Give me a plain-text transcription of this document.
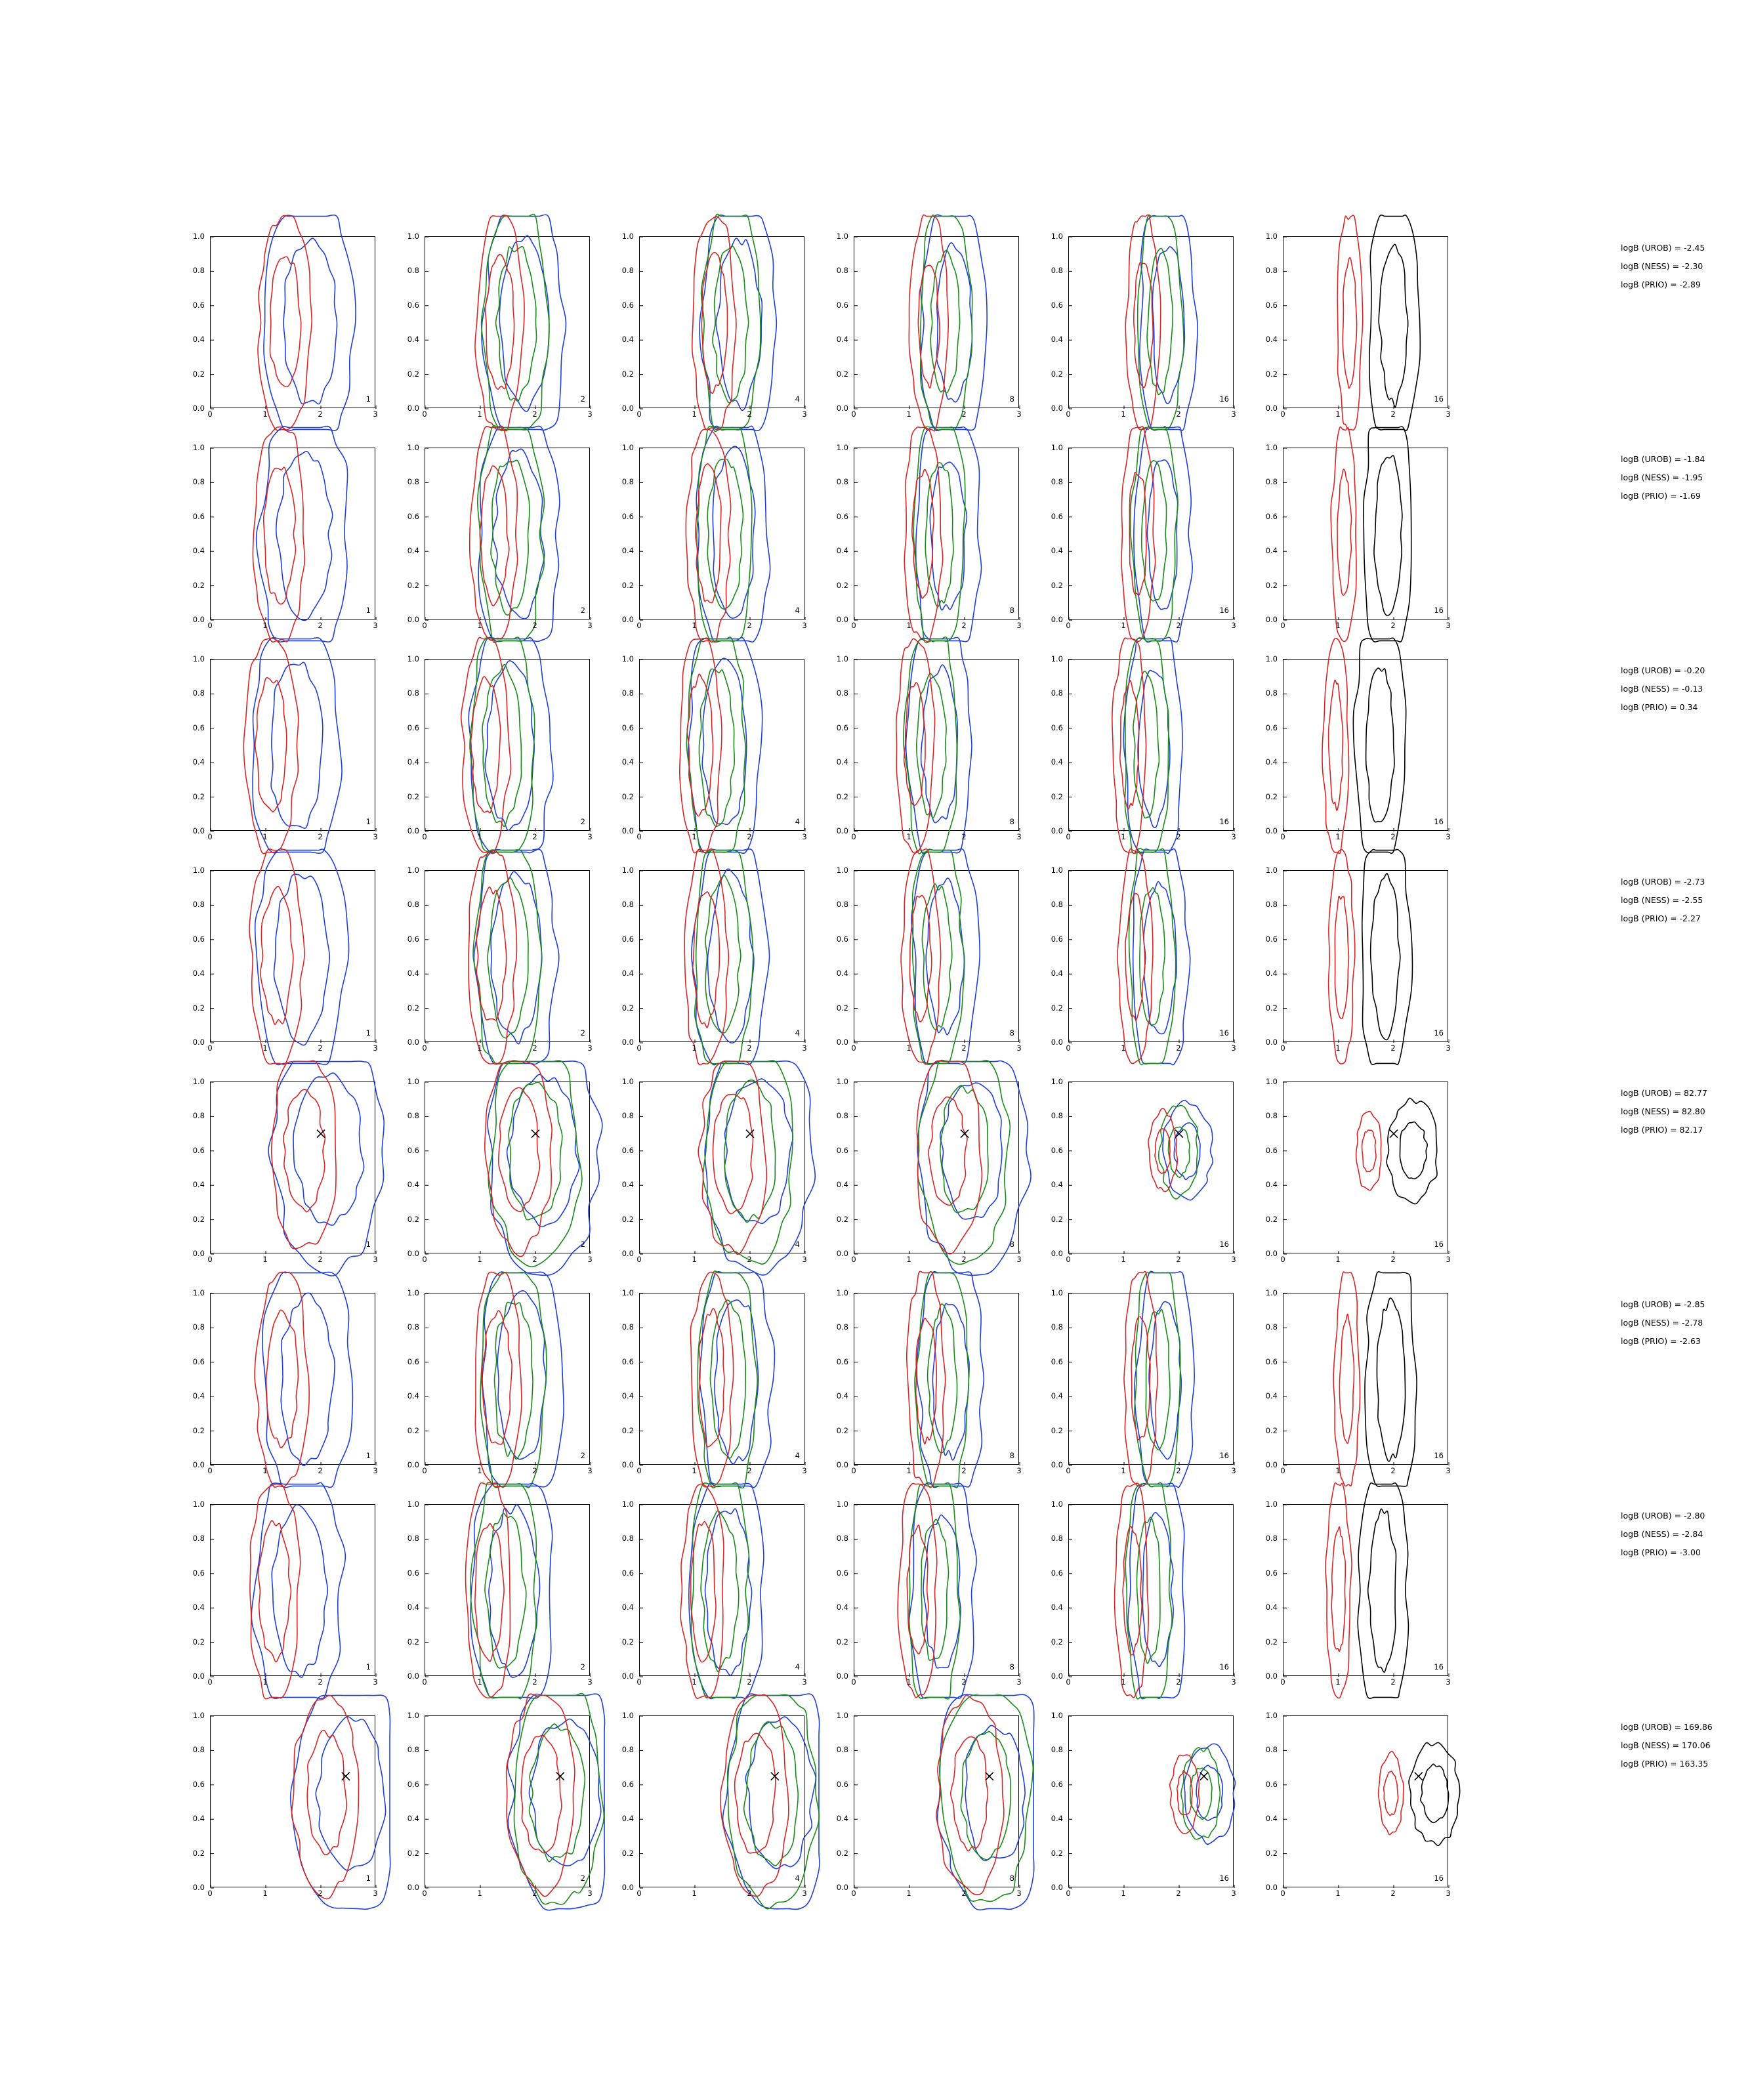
0.0
0.2
0.4
0.6
0.8
1.0
1
0	1	2	3
0.0
0.2
0.4
0.6
0.8
1.0
2
0	1	2	3
0.0
0.2
0.4
0.6
0.8
1.0
4
0	1	2	3
0.0
0.2
0.4
0.6
0.8
1.0
8
0	1	2	3
0.0
0.2
0.4
0.6
0.8
1.0
16
0	1	2	3
0.0
0.2
0.4
0.6
0.8
1.0
16
0	1	2	3
logB (UROB) = -2.45
logB (NESS) = -2.30
logB (PRIO) = -2.89
0.0
0.2
0.4
0.6
0.8
1.0
1
0	1	2	3
0.0
0.2
0.4
0.6
0.8
1.0
2
0	1	2	3
0.0
0.2
0.4
0.6
0.8
1.0
4
0	1	2	3
0.0
0.2
0.4
0.6
0.8
1.0
8
0	1	2	3
0.0
0.2
0.4
0.6
0.8
1.0
16
0	1	2	3
0.0
0.2
0.4
0.6
0.8
1.0
16
0	1	2	3
logB (UROB) = -1.84
logB (NESS) = -1.95
logB (PRIO) = -1.69
0.0
0.2
0.4
0.6
0.8
1.0
1
0	1	2	3
0.0
0.2
0.4
0.6
0.8
1.0
2
0	1	2	3
0.0
0.2
0.4
0.6
0.8
1.0
4
0	1	2	3
0.0
0.2
0.4
0.6
0.8
1.0
8
0	1	2	3
0.0
0.2
0.4
0.6
0.8
1.0
16
0	1	2	3
0.0
0.2
0.4
0.6
0.8
1.0
16
0	1	2	3
logB (UROB) = -0.20
logB (NESS) = -0.13
logB (PRIO) = 0.34
0.0
0.2
0.4
0.6
0.8
1.0
1
0	1	2	3
0.0
0.2
0.4
0.6
0.8
1.0
2
0	1	2	3
0.0
0.2
0.4
0.6
0.8
1.0
4
0	1	2	3
0.0
0.2
0.4
0.6
0.8
1.0
8
0	1	2	3
0.0
0.2
0.4
0.6
0.8
1.0
16
0	1	2	3
0.0
0.2
0.4
0.6
0.8
1.0
16
0	1	2	3
logB (UROB) = -2.73
logB (NESS) = -2.55
logB (PRIO) = -2.27
0.0
0.2
0.4
0.6
0.8
1.0
1
0	1	2	3
0.0
0.2
0.4
0.6
0.8
1.0
2
0	1	2	3
0.0
0.2
0.4
0.6
0.8
1.0
4
0	1	2	3
0.0
0.2
0.4
0.6
0.8
1.0
8
0	1	2	3
0.0
0.2
0.4
0.6
0.8
1.0
16
0	1	2	3
0.0
0.2
0.4
0.6
0.8
1.0
16
0	1	2	3
logB (UROB) = 82.77
logB (NESS) = 82.80
logB (PRIO) = 82.17
0.0
0.2
0.4
0.6
0.8
1.0
1
0	1	2	3
0.0
0.2
0.4
0.6
0.8
1.0
2
0	1	2	3
0.0
0.2
0.4
0.6
0.8
1.0
4
0	1	2	3
0.0
0.2
0.4
0.6
0.8
1.0
8
0	1	2	3
0.0
0.2
0.4
0.6
0.8
1.0
16
0	1	2	3
0.0
0.2
0.4
0.6
0.8
1.0
16
0	1	2	3
logB (UROB) = -2.85
logB (NESS) = -2.78
logB (PRIO) = -2.63
0.0
0.2
0.4
0.6
0.8
1.0
1
0	1	2	3
0.0
0.2
0.4
0.6
0.8
1.0
2
0	1	2	3
0.0
0.2
0.4
0.6
0.8
1.0
4
0	1	2	3
0.0
0.2
0.4
0.6
0.8
1.0
8
0	1	2	3
0.0
0.2
0.4
0.6
0.8
1.0
16
0	1	2	3
0.0
0.2
0.4
0.6
0.8
1.0
16
0	1	2	3
logB (UROB) = -2.80
logB (NESS) = -2.84
logB (PRIO) = -3.00
0.0
0.2
0.4
0.6
0.8
1.0
1
0	1	2	3
0.0
0.2
0.4
0.6
0.8
1.0
2
0	1	2	3
0.0
0.2
0.4
0.6
0.8
1.0
4
0	1	2	3
0.0
0.2
0.4
0.6
0.8
1.0
8
0	1	2	3
0.0
0.2
0.4
0.6
0.8
1.0
16
0	1	2	3
0.0
0.2
0.4
0.6
0.8
1.0
16
0	1	2	3
logB (UROB) = 169.86
logB (NESS) = 170.06
logB (PRIO) = 163.35
